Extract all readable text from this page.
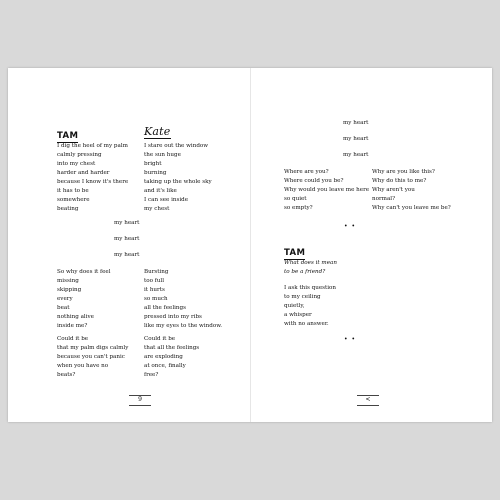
TAM
I dig the heel of my palm
calmly pressing
into my chest
harder and harder
because I know it's there
it has to be
somewhere
beating
Kate
I stare out the window
the sun huge
bright
burning
taking up the whole sky
and it's like
I can see inside
my chest
my heart
my heart
my heart
So why does it feel
missing
skipping
every
beat
nothing alive
inside me?
Bursting
too full
it hurts
so much
all the feelings
pressed into my ribs
like my eyes to the window.
Could it be
that my palm digs calmly
because you can't panic
when you have no
beats?
Could it be
that all the feelings
are exploding
at once, finally
free?
9
my heart
my heart
my heart
Where are you?
Where could you be?
Why would you leave me here
so quiet
so empty?
Why are you like this?
Why do this to me?
Why aren't you
normal?
Why can't you leave me be?
• •
TAM
What does it mean
to be a friend?
I ask this question
to my ceiling
quietly,
a whisper
with no answer.
• •
<
